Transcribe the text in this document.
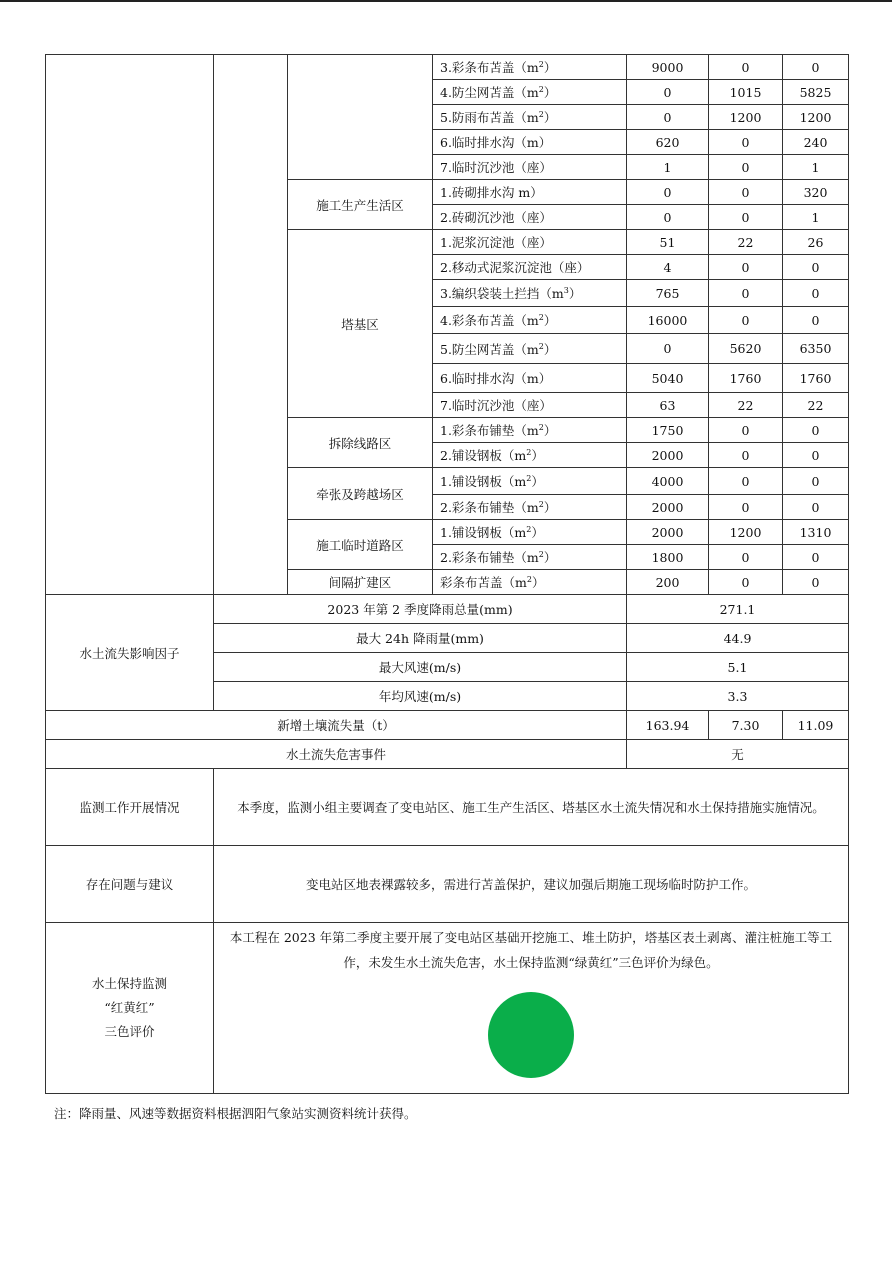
			3.彩条布苫盖$(m^2)$	9000	0	0
			4.防尘网苫盖$(m^2)$	0	1015	5825
			5.防雨布苫盖$(m^2)$	0	1200	1200
			6.临时排水沟（m）	620	0	240
			7.临时沉沙池（座）	1	0	1
		施工生产生活区	1.砖砌排水沟 m）	0	0	320
			2.砖砌沉沙池（座）	0	0	1
		塔基区	1.泥浆沉淀池（座）	51	22	26
			2.移动式泥浆沉淀池（座）	4	0	0
			3.编织袋装土拦挡$(m^3)$	765	0	0
			4.彩条布苫盖$(m^2)$	16000	0	0
			5.防尘网苫盖$(m^2)$	0	5620	6350
			6.临时排水沟（m）	5040	1760	1760
			7.临时沉沙池（座）	63	22	22
		拆除线路区	1.彩条布铺垫$(m^2)$	1750	0	0
			2.铺设钢板$(m^2)$	2000	0	0
		牵张及跨越场区	1.铺设钢板$(m^2)$	4000	0	0
			2.彩条布铺垫$(m^2)$	2000	0	0
		施工临时道路区	1.铺设钢板$(m^2)$	2000	1200	1310
			2.彩条布铺垫$(m^2)$	1800	0	0
		间隔扩建区	彩条布苫盖$(m^2)$	200	0	0
水土流失影响因子	2023 年第 2 季度降雨总量(mm)			271.1		
	最大 24h 降雨量(mm)			44.9		
	最大风速(m/s)			5.1		
	年均风速(m/s)			3.3		
新增土壤流失量（t）				163.94	7.30	11.09
水土流失危害事件				无		
监测工作开展情况	本季度，监测小组主要调查了变电站区、施工生产生活区、塔基区水土流失情况和水土保持措施实施情况。					
存在问题与建议	变电站区地表裸露较多，需进行苫盖保护，建议加强后期施工现场临时防护工作。					

水土保持监测
“红黄红”
三色评价	本工程在 2023 年第二季度主要开展了变电站区基础开挖施工、堆土防护，塔基区表土剥离、灌注桩施工等工作，未发生水土流失危害，水土保持监测“绿黄红”三色评价为绿色。					
注：降雨量、风速等数据资料根据泗阳气象站实测资料统计获得。
